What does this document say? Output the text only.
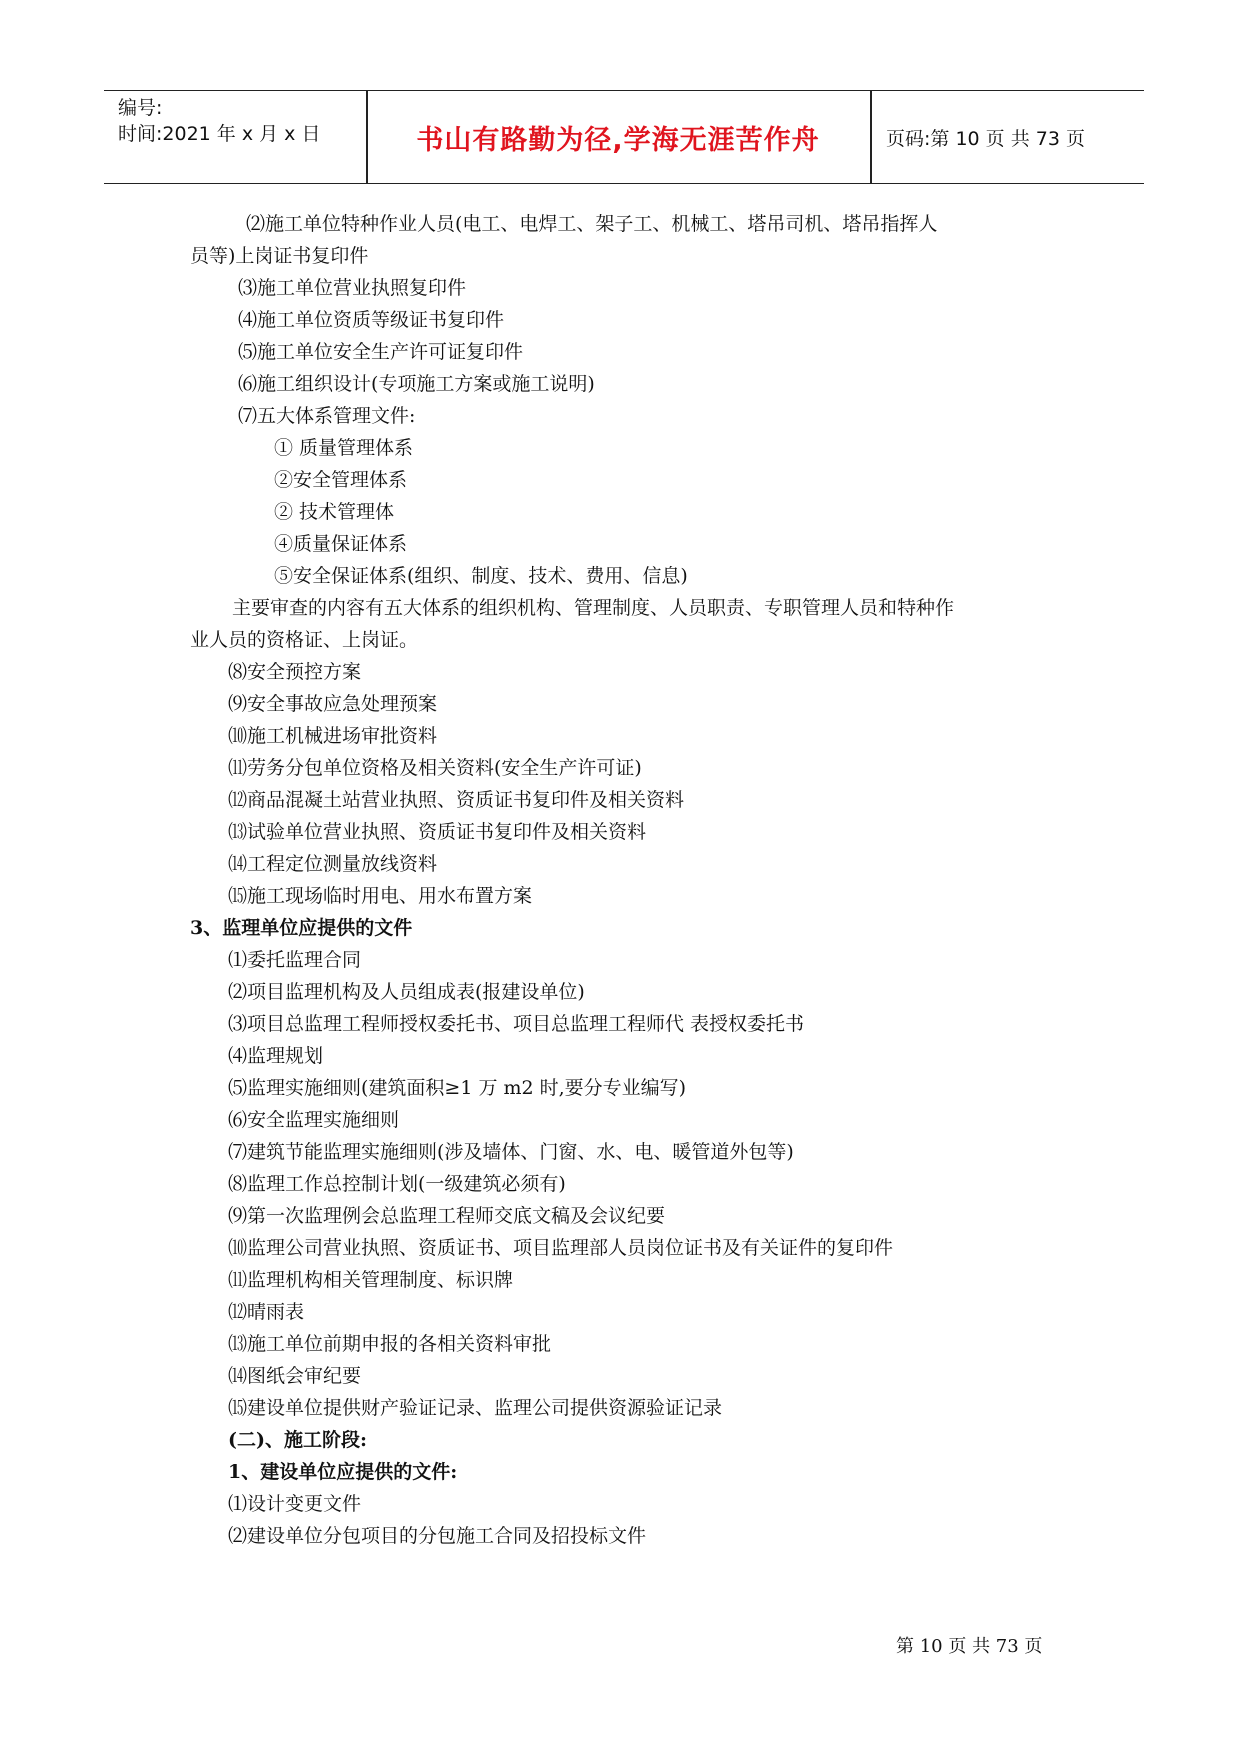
编号:
时间:2021 年 x 月 x 日	书山有路勤为径,学海无涯苦作舟	页码:第 10 页 共 73 页
⑵施工单位特种作业人员(电工、电焊工、架子工、机械工、塔吊司机、塔吊指挥人
员等)上岗证书复印件
⑶施工单位营业执照复印件
⑷施工单位资质等级证书复印件
⑸施工单位安全生产许可证复印件
⑹施工组织设计(专项施工方案或施工说明)
⑺五大体系管理文件:
① 质量管理体系
②安全管理体系
② 技术管理体
④质量保证体系
⑤安全保证体系(组织、制度、技术、费用、信息)
主要审查的内容有五大体系的组织机构、管理制度、人员职责、专职管理人员和特种作
业人员的资格证、上岗证。
⑻安全预控方案
⑼安全事故应急处理预案
⑽施工机械进场审批资料
⑾劳务分包单位资格及相关资料(安全生产许可证)
⑿商品混凝土站营业执照、资质证书复印件及相关资料
⒀试验单位营业执照、资质证书复印件及相关资料
⒁工程定位测量放线资料
⒂施工现场临时用电、用水布置方案
3、监理单位应提供的文件
⑴委托监理合同
⑵项目监理机构及人员组成表(报建设单位)
⑶项目总监理工程师授权委托书、项目总监理工程师代 表授权委托书
⑷监理规划
⑸监理实施细则(建筑面积≥1 万 m2 时,要分专业编写)
⑹安全监理实施细则
⑺建筑节能监理实施细则(涉及墙体、门窗、水、电、暖管道外包等)
⑻监理工作总控制计划(一级建筑必须有)
⑼第一次监理例会总监理工程师交底文稿及会议纪要
⑽监理公司营业执照、资质证书、项目监理部人员岗位证书及有关证件的复印件
⑾监理机构相关管理制度、标识牌
⑿晴雨表
⒀施工单位前期申报的各相关资料审批
⒁图纸会审纪要
⒂建设单位提供财产验证记录、监理公司提供资源验证记录
(二)、施工阶段:
1、建设单位应提供的文件:
⑴设计变更文件
⑵建设单位分包项目的分包施工合同及招投标文件
第 10 页 共 73 页
